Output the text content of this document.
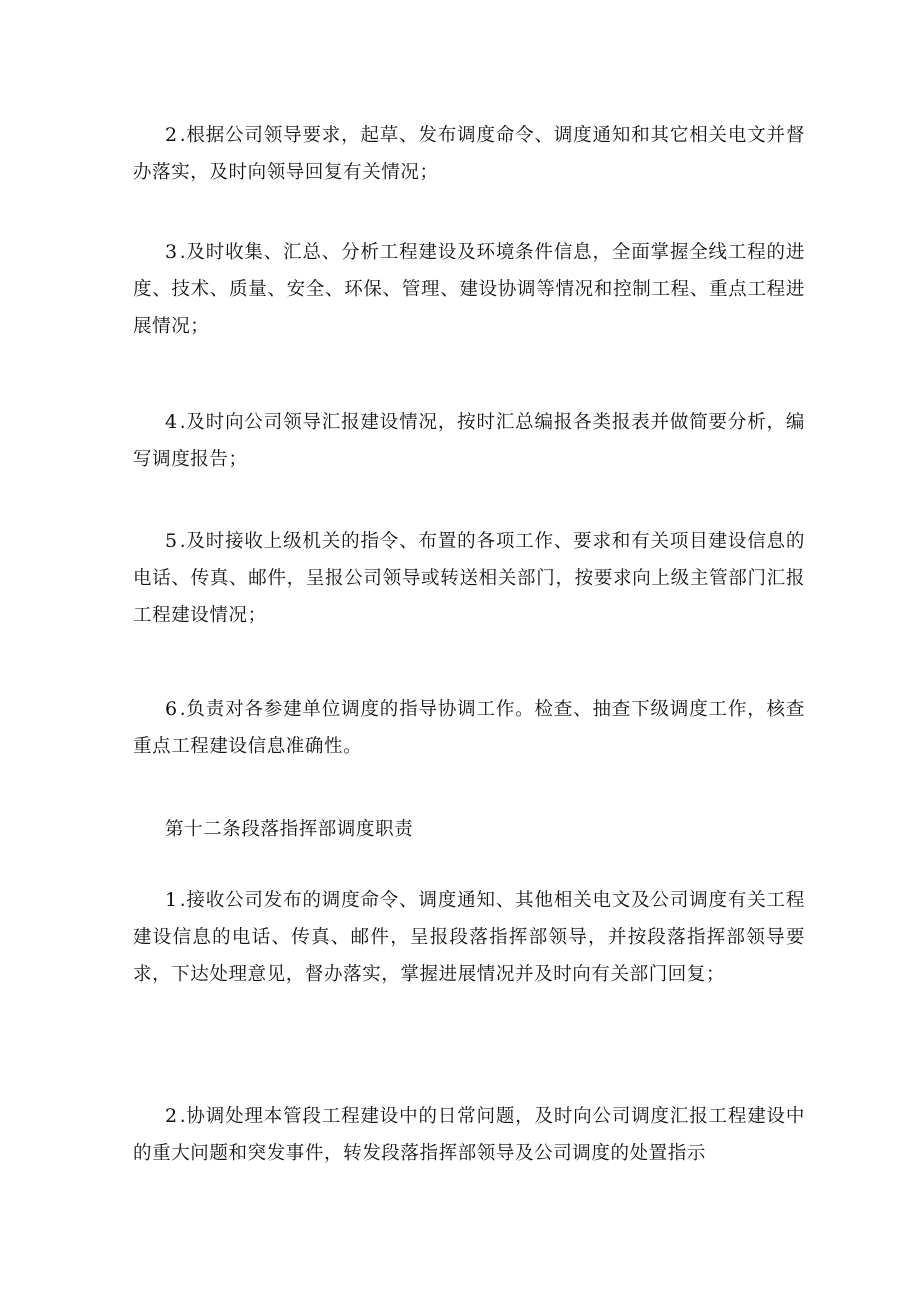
2 .根据公司领导要求，起草、发布调度命令、调度通知和其它相关电文并督办落实，及时向领导回复有关情况；

3 .及时收集、汇总、分析工程建设及环境条件信息，全面掌握全线工程的进度、技术、质量、安全、环保、管理、建设协调等情况和控制工程、重点工程进展情况；

4 .及时向公司领导汇报建设情况，按时汇总编报各类报表并做简要分析，编写调度报告；

5 .及时接收上级机关的指令、布置的各项工作、要求和有关项目建设信息的电话、传真、邮件，呈报公司领导或转送相关部门，按要求向上级主管部门汇报工程建设情况；

6 .负责对各参建单位调度的指导协调工作。检查、抽查下级调度工作，核查重点工程建设信息准确性。

第十二条段落指挥部调度职责

1 .接收公司发布的调度命令、调度通知、其他相关电文及公司调度有关工程建设信息的电话、传真、邮件，呈报段落指挥部领导，并按段落指挥部领导要求，下达处理意见，督办落实，掌握进展情况并及时向有关部门回复；

2 .协调处理本管段工程建设中的日常问题，及时向公司调度汇报工程建设中的重大问题和突发事件，转发段落指挥部领导及公司调度的处置指示
